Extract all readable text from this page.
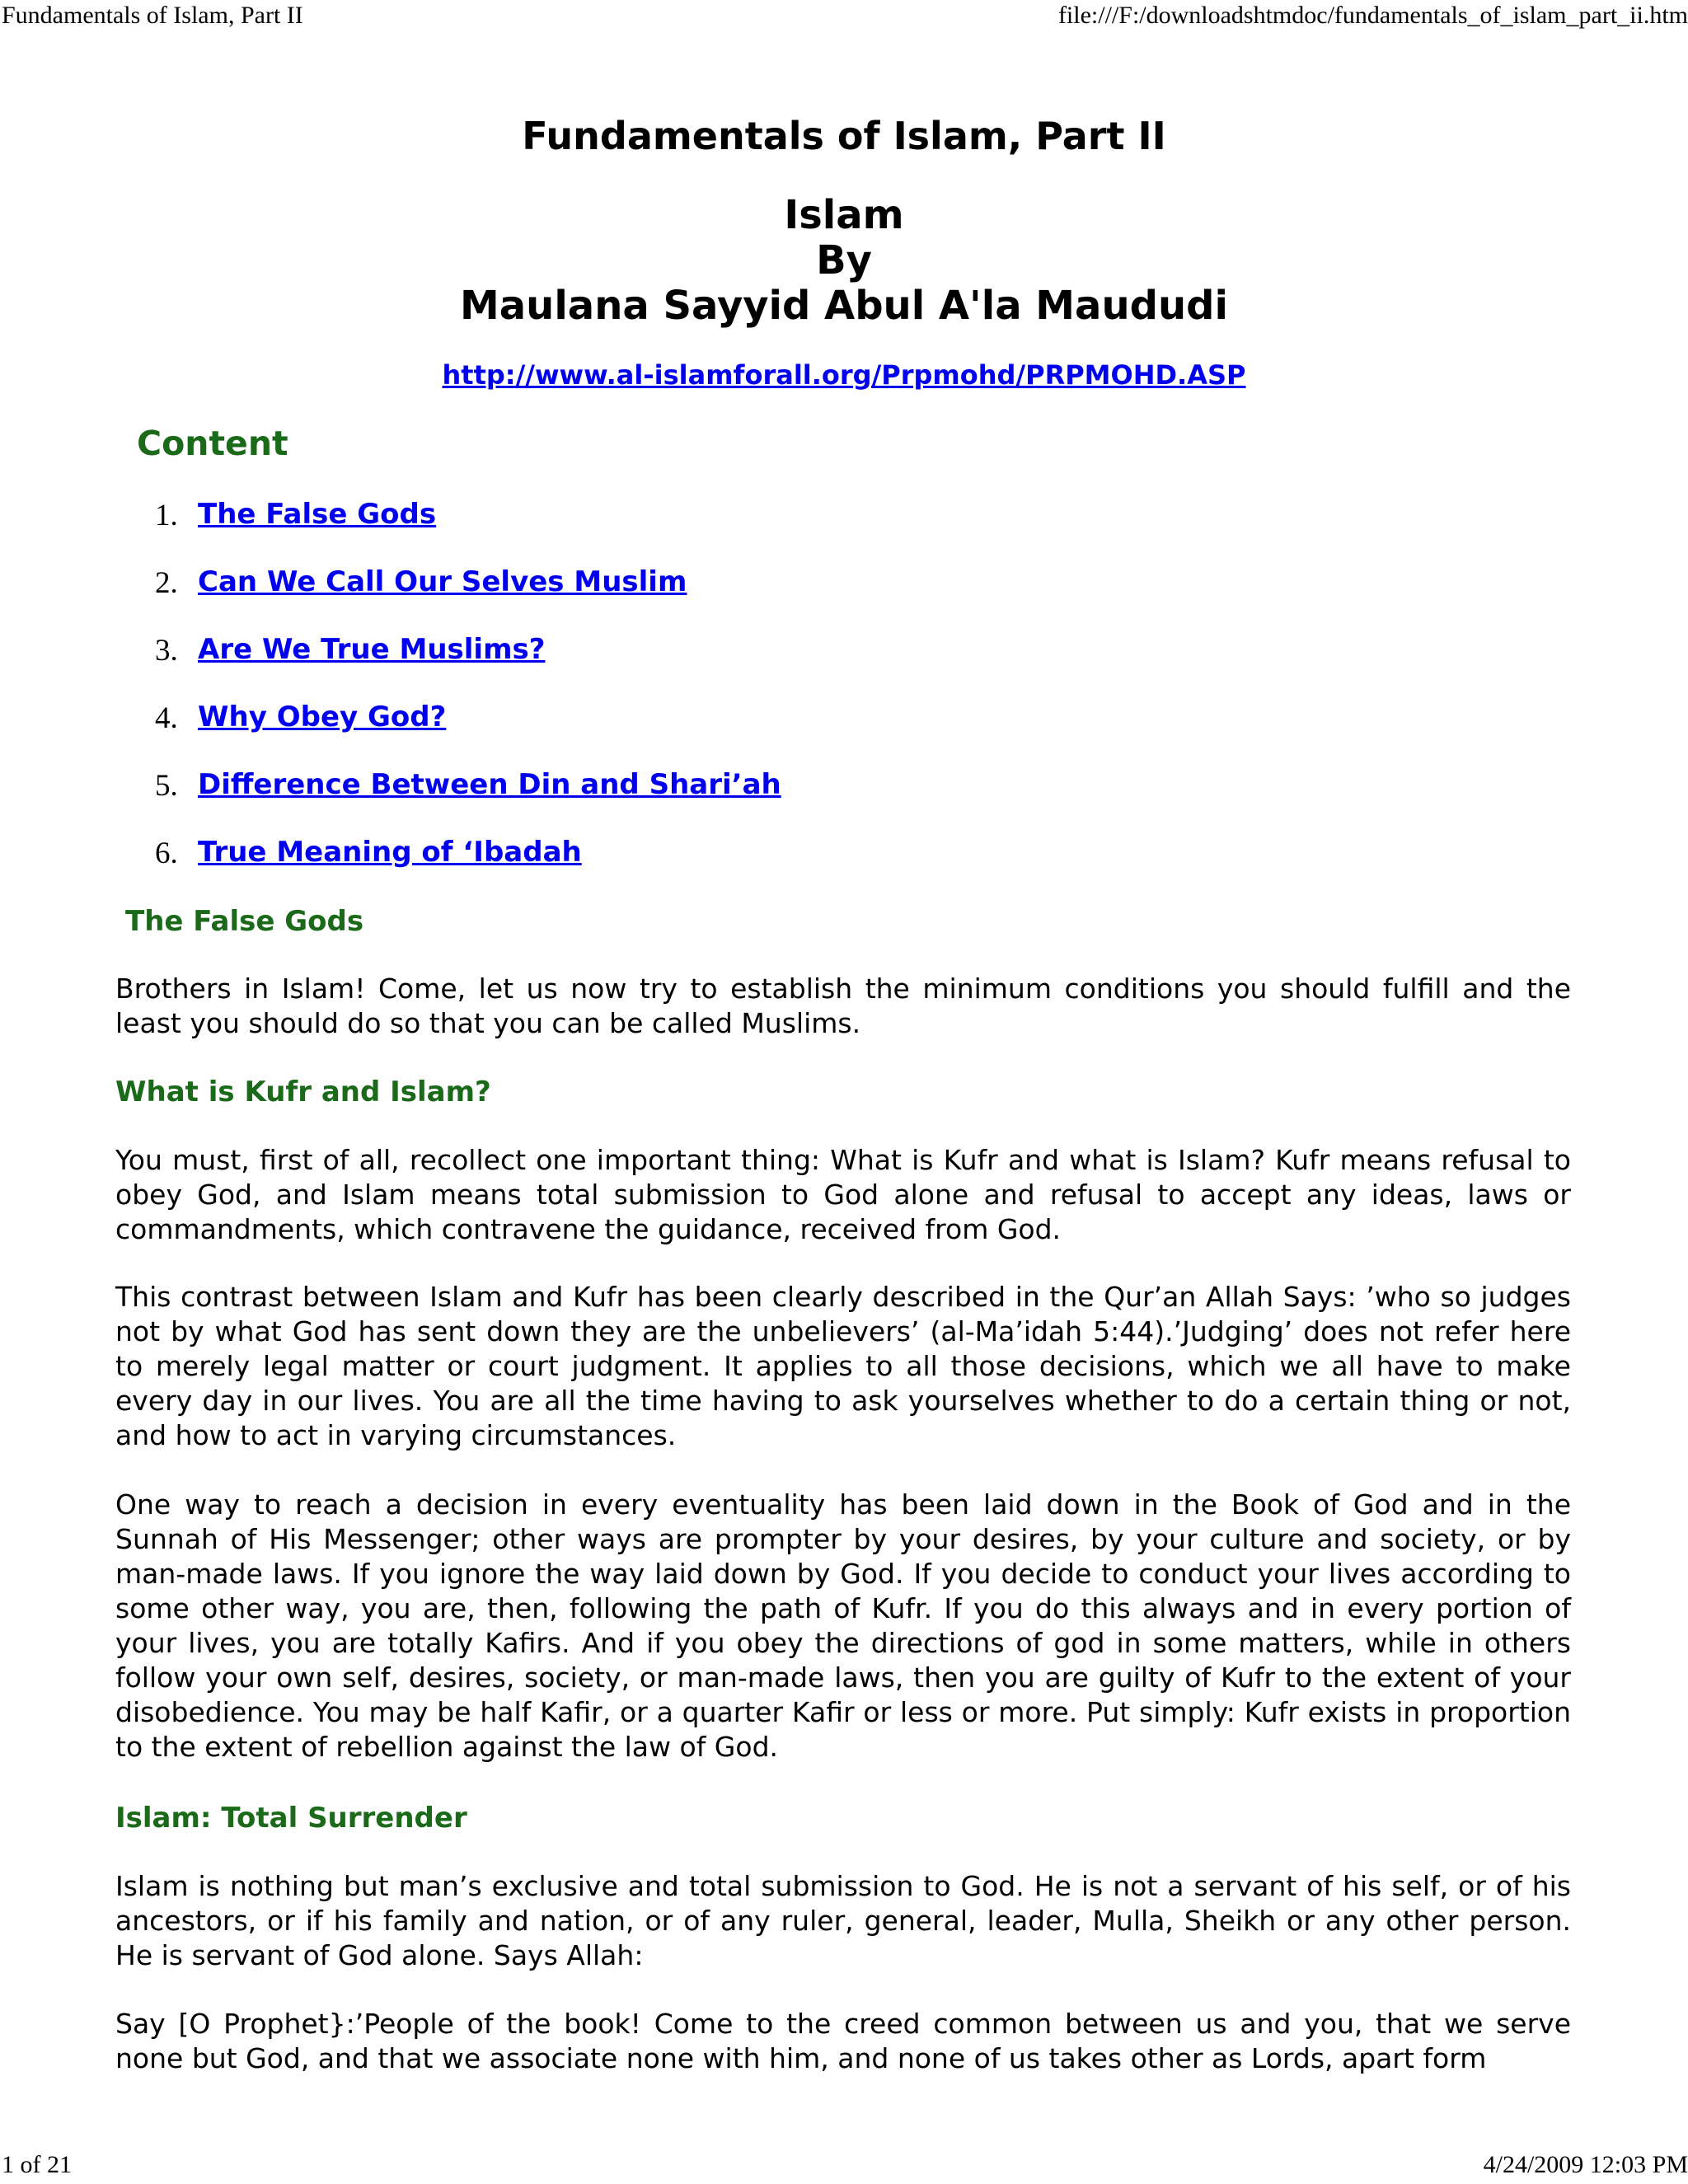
Fundamentals of Islam, Part II	file:///F:/downloadshtmdoc/fundamentals_of_islam_part_ii.htm
Fundamentals of Islam, Part II
Islam
By
Maulana Sayyid Abul A'la Maududi
http://www.al-islamforall.org/Prpmohd/PRPMOHD.ASP
Content
1. The False Gods
2. Can We Call Our Selves Muslim
3. Are We True Muslims?
4. Why Obey God?
5. Difference Between Din and Shari’ah
6. True Meaning of ‘Ibadah
The False Gods
Brothers in Islam! Come, let us now try to establish the minimum conditions you should fulfill and the least you should do so that you can be called Muslims.
What is Kufr and Islam?
You must, first of all, recollect one important thing: What is Kufr and what is Islam? Kufr means refusal to obey God, and Islam means total submission to God alone and refusal to accept any ideas, laws or commandments, which contravene the guidance, received from God.
This contrast between Islam and Kufr has been clearly described in the Qur’an Allah Says: ’who so judges not by what God has sent down they are the unbelievers’ (al-Ma’idah 5:44).’Judging’ does not refer here to merely legal matter or court judgment. It applies to all those decisions, which we all have to make every day in our lives. You are all the time having to ask yourselves whether to do a certain thing or not, and how to act in varying circumstances.
One way to reach a decision in every eventuality has been laid down in the Book of God and in the Sunnah of His Messenger; other ways are prompter by your desires, by your culture and society, or by man-made laws. If you ignore the way laid down by God. If you decide to conduct your lives according to some other way, you are, then, following the path of Kufr. If you do this always and in every portion of your lives, you are totally Kafirs. And if you obey the directions of god in some matters, while in others follow your own self, desires, society, or man-made laws, then you are guilty of Kufr to the extent of your disobedience. You may be half Kafir, or a quarter Kafir or less or more. Put simply: Kufr exists in proportion to the extent of rebellion against the law of God.
Islam: Total Surrender
Islam is nothing but man’s exclusive and total submission to God. He is not a servant of his self, or of his ancestors, or if his family and nation, or of any ruler, general, leader, Mulla, Sheikh or any other person. He is servant of God alone. Says Allah:
Say [O Prophet}:’People of the book! Come to the creed common between us and you, that we serve none but God, and that we associate none with him, and none of us takes other as Lords, apart form
1 of 21	4/24/2009 12:03 PM
